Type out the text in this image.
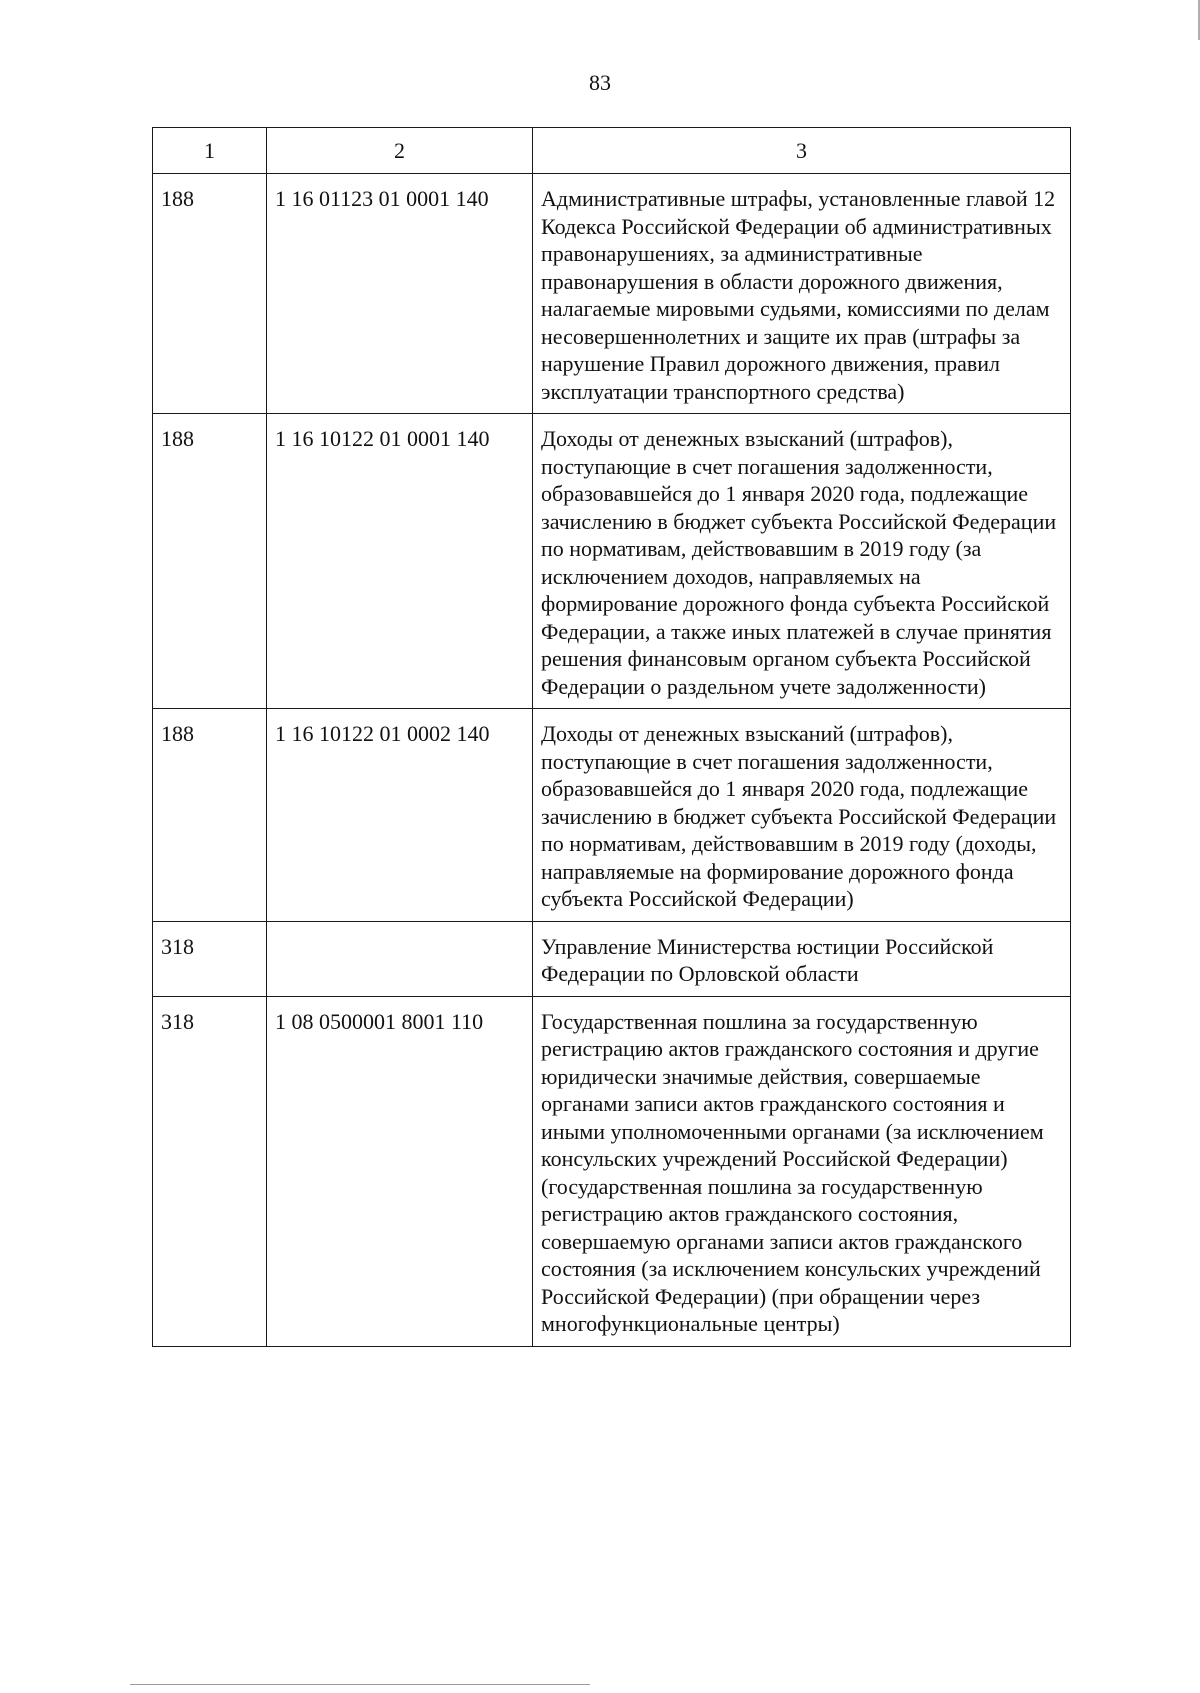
83
1	2	3
188	1 16 01123 01 0001 140	Административные штрафы, установленные главой 12 Кодекса Российской Федерации об административных правонарушениях, за административные правонарушения в области дорожного движения, налагаемые мировыми судьями, комиссиями по делам несовершеннолетних и защите их прав (штрафы за нарушение Правил дорожного движения, правил эксплуатации транспортного средства)
188	1 16 10122 01 0001 140	Доходы от денежных взысканий (штрафов), поступающие в счет погашения задолженности, образовавшейся до 1 января 2020 года, подлежащие зачислению в бюджет субъекта Российской Федерации по нормативам, действовавшим в 2019 году (за исключением доходов, направляемых на формирование дорожного фонда субъекта Российской Федерации, а также иных платежей в случае принятия решения финансовым органом субъекта Российской Федерации о раздельном учете задолженности)
188	1 16 10122 01 0002 140	Доходы от денежных взысканий (штрафов), поступающие в счет погашения задолженности, образовавшейся до 1 января 2020 года, подлежащие зачислению в бюджет субъекта Российской Федерации по нормативам, действовавшим в 2019 году (доходы, направляемые на формирование дорожного фонда субъекта Российской Федерации)
318		Управление Министерства юстиции Российской Федерации по Орловской области
318	1 08 0500001 8001 110	Государственная пошлина за государственную регистрацию актов гражданского состояния и другие юридически значимые действия, совершаемые органами записи актов гражданского состояния и иными уполномоченными органами (за исключением консульских учреждений Российской Федерации) (государственная пошлина за государственную регистрацию актов гражданского состояния, совершаемую органами записи актов гражданского состояния (за исключением консульских учреждений Российской Федерации) (при обращении через многофункциональные центры)
